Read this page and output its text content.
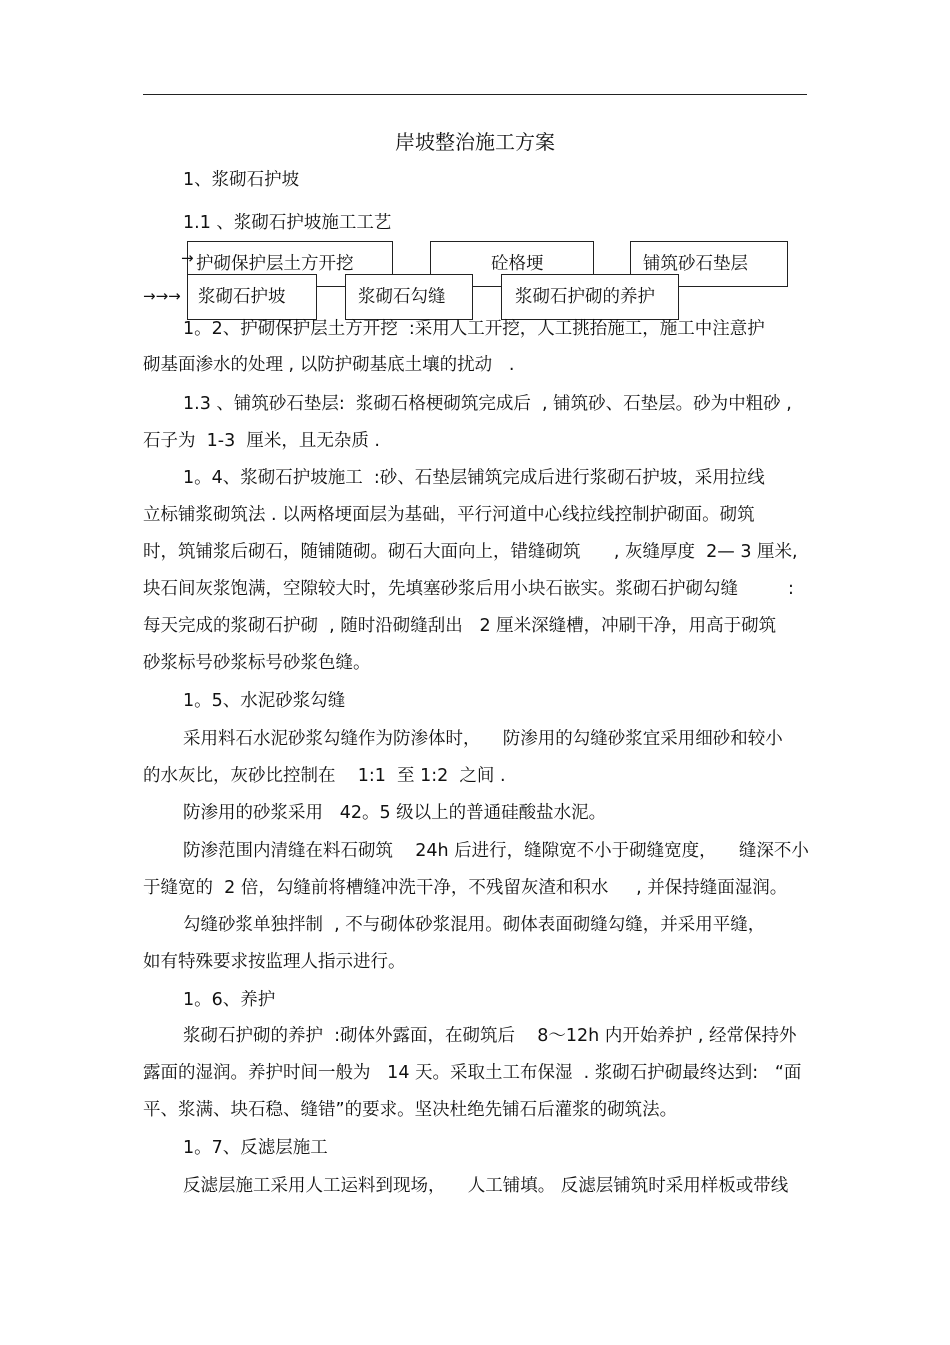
岸坡整治施工方案
1、浆砌石护坡
1.1 、浆砌石护坡施工工艺
护砌保护层土方开挖	砼格埂	铺筑砂石垫层
浆砌石护坡	浆砌石勾缝	浆砌石护砌的养护
→
→→→
1。2、护砌保护层土方开挖  :采用人工开挖，人工挑抬施工，施工中注意护
砌基面渗水的处理 , 以防护砌基底土壤的扰动   .
1.3 、铺筑砂石垫层:  浆砌石格梗砌筑完成后  , 铺筑砂、石垫层。砂为中粗砂 ,
石子为  1-3  厘米，且无杂质 .
1。4、浆砌石护坡施工  :砂、石垫层铺筑完成后进行浆砌石护坡，采用拉线
立标铺浆砌筑法 . 以两格埂面层为基础，平行河道中心线拉线控制护砌面。砌筑
时，筑铺浆后砌石，随铺随砌。砌石大面向上，错缝砌筑      , 灰缝厚度  2— 3 厘米,
块石间灰浆饱满，空隙较大时，先填塞砂浆后用小块石嵌实。浆砌石护砌勾缝         :
每天完成的浆砌石护砌  , 随时沿砌缝刮出   2 厘米深缝槽，冲刷干净，用高于砌筑
砂浆标号砂浆标号砂浆色缝。
1。5、水泥砂浆勾缝
采用料石水泥砂浆勾缝作为防渗体时，    防渗用的勾缝砂浆宜采用细砂和较小
的水灰比，灰砂比控制在    1:1  至 1:2  之间 .
防渗用的砂浆采用   42。5 级以上的普通硅酸盐水泥。
防渗范围内清缝在料石砌筑    24h 后进行，缝隙宽不小于砌缝宽度，    缝深不小
于缝宽的  2 倍，勾缝前将槽缝冲洗干净，不残留灰渣和积水     , 并保持缝面湿润。
勾缝砂浆单独拌制  , 不与砌体砂浆混用。砌体表面砌缝勾缝，并采用平缝，
如有特殊要求按监理人指示进行。
1。6、养护
浆砌石护砌的养护  :砌体外露面，在砌筑后    8～12h 内开始养护 , 经常保持外
露面的湿润。养护时间一般为   14 天。采取土工布保湿  . 浆砌石护砌最终达到:   “面
平、浆满、块石稳、缝错”的要求。坚决杜绝先铺石后灌浆的砌筑法。
1。7、反滤层施工
反滤层施工采用人工运料到现场，    人工铺填。 反滤层铺筑时采用样板或带线
